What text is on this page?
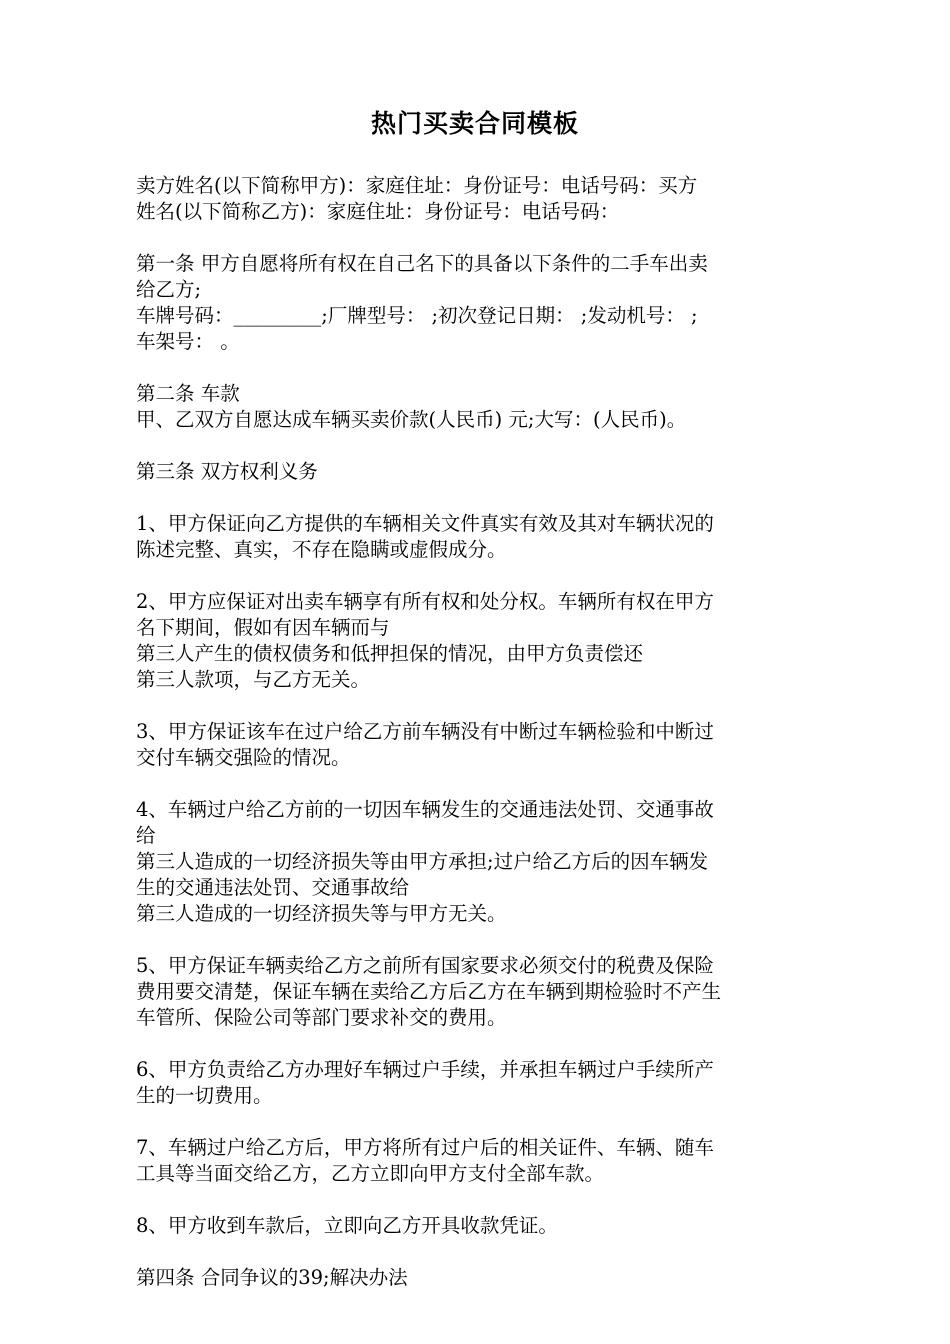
热门买卖合同模板
卖方姓名(以下简称甲方)：家庭住址：身份证号：电话号码：买方
姓名(以下简称乙方)：家庭住址：身份证号：电话号码：
第一条 甲方自愿将所有权在自己名下的具备以下条件的二手车出卖
给乙方;
车牌号码：_________;厂牌型号： ;初次登记日期： ;发动机号： ;
车架号： 。
第二条 车款
甲、乙双方自愿达成车辆买卖价款(人民币) 元;大写：(人民币)。
第三条 双方权利义务
1、甲方保证向乙方提供的车辆相关文件真实有效及其对车辆状况的
陈述完整、真实，不存在隐瞒或虚假成分。
2、甲方应保证对出卖车辆享有所有权和处分权。车辆所有权在甲方
名下期间，假如有因车辆而与
第三人产生的债权债务和低押担保的情况，由甲方负责偿还
第三人款项，与乙方无关。
3、甲方保证该车在过户给乙方前车辆没有中断过车辆检验和中断过
交付车辆交强险的情况。
4、车辆过户给乙方前的一切因车辆发生的交通违法处罚、交通事故
给
第三人造成的一切经济损失等由甲方承担;过户给乙方后的因车辆发
生的交通违法处罚、交通事故给
第三人造成的一切经济损失等与甲方无关。
5、甲方保证车辆卖给乙方之前所有国家要求必须交付的税费及保险
费用要交清楚，保证车辆在卖给乙方后乙方在车辆到期检验时不产生
车管所、保险公司等部门要求补交的费用。
6、甲方负责给乙方办理好车辆过户手续，并承担车辆过户手续所产
生的一切费用。
7、车辆过户给乙方后，甲方将所有过户后的相关证件、车辆、随车
工具等当面交给乙方，乙方立即向甲方支付全部车款。
8、甲方收到车款后，立即向乙方开具收款凭证。
第四条 合同争议的39;解决办法
